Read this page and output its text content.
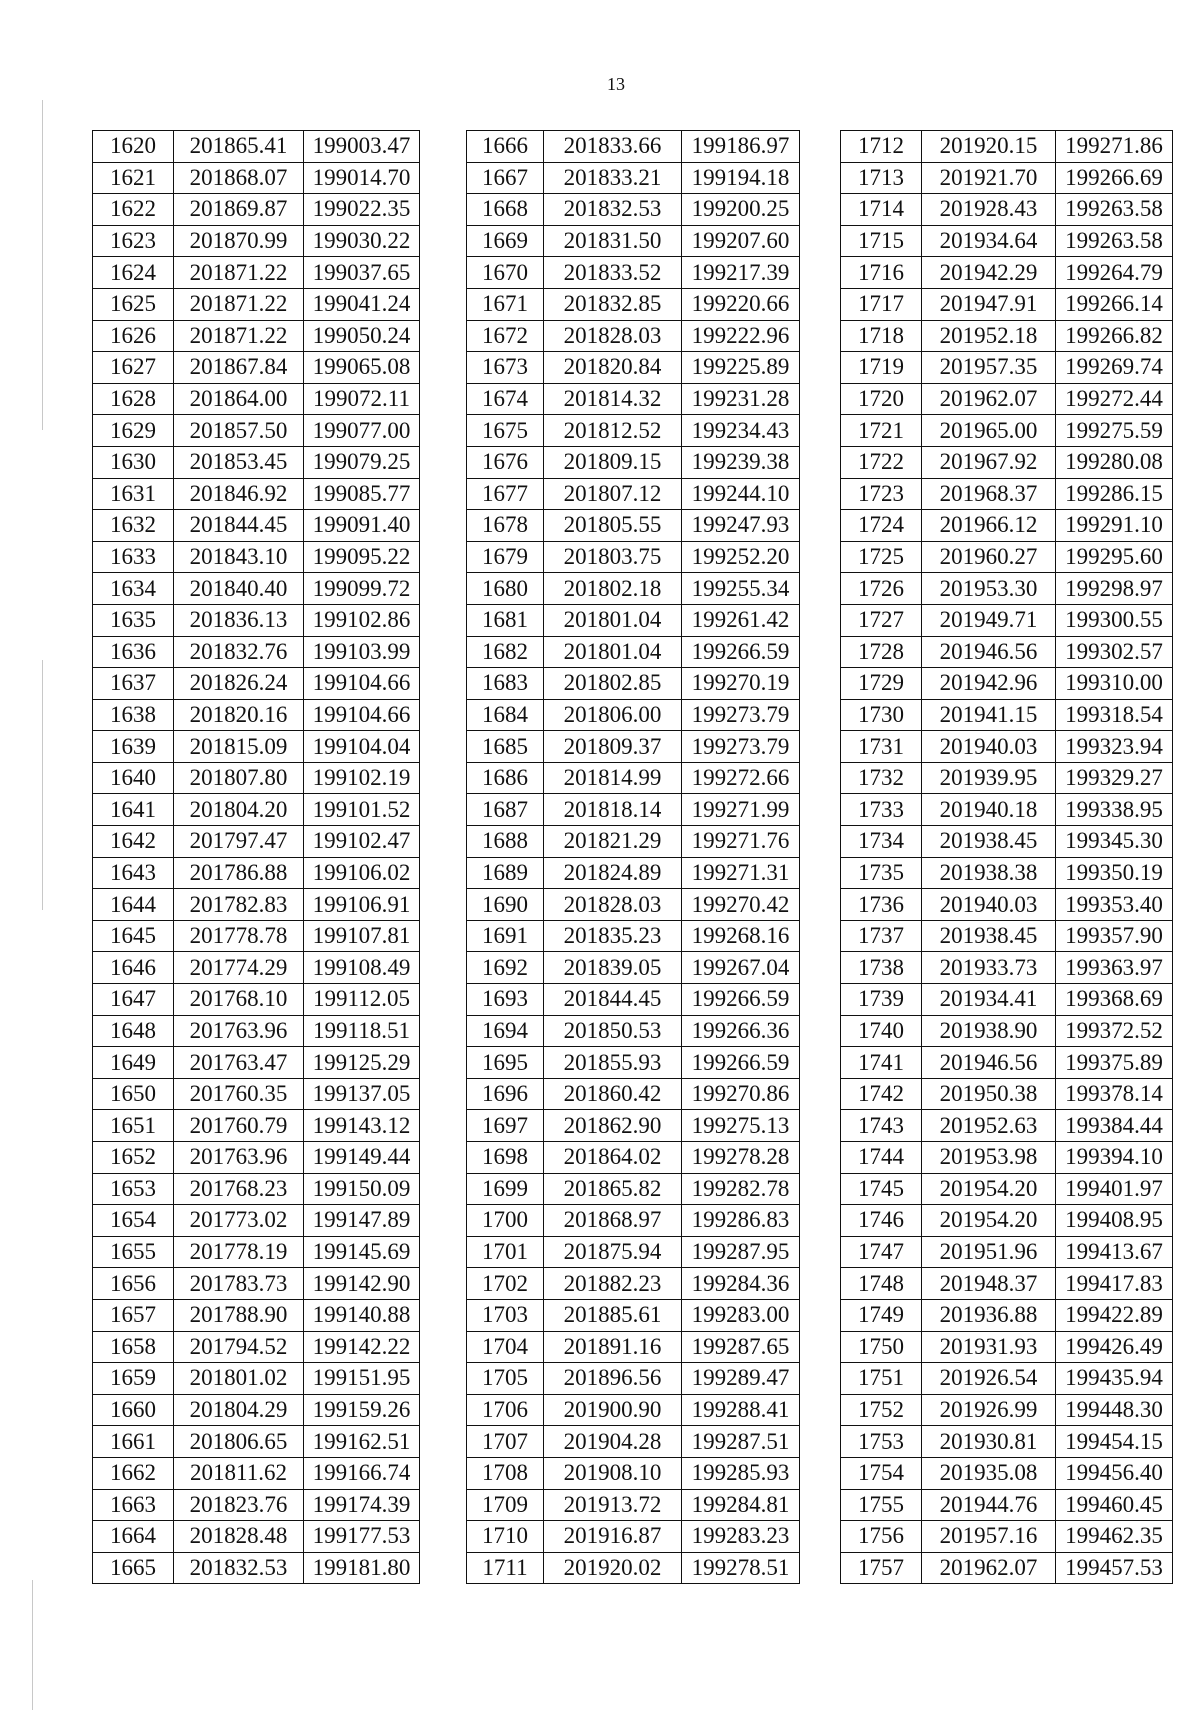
13
1620	201865.41	199003.47
1621	201868.07	199014.70
1622	201869.87	199022.35
1623	201870.99	199030.22
1624	201871.22	199037.65
1625	201871.22	199041.24
1626	201871.22	199050.24
1627	201867.84	199065.08
1628	201864.00	199072.11
1629	201857.50	199077.00
1630	201853.45	199079.25
1631	201846.92	199085.77
1632	201844.45	199091.40
1633	201843.10	199095.22
1634	201840.40	199099.72
1635	201836.13	199102.86
1636	201832.76	199103.99
1637	201826.24	199104.66
1638	201820.16	199104.66
1639	201815.09	199104.04
1640	201807.80	199102.19
1641	201804.20	199101.52
1642	201797.47	199102.47
1643	201786.88	199106.02
1644	201782.83	199106.91
1645	201778.78	199107.81
1646	201774.29	199108.49
1647	201768.10	199112.05
1648	201763.96	199118.51
1649	201763.47	199125.29
1650	201760.35	199137.05
1651	201760.79	199143.12
1652	201763.96	199149.44
1653	201768.23	199150.09
1654	201773.02	199147.89
1655	201778.19	199145.69
1656	201783.73	199142.90
1657	201788.90	199140.88
1658	201794.52	199142.22
1659	201801.02	199151.95
1660	201804.29	199159.26
1661	201806.65	199162.51
1662	201811.62	199166.74
1663	201823.76	199174.39
1664	201828.48	199177.53
1665	201832.53	199181.80
1666	201833.66	199186.97
1667	201833.21	199194.18
1668	201832.53	199200.25
1669	201831.50	199207.60
1670	201833.52	199217.39
1671	201832.85	199220.66
1672	201828.03	199222.96
1673	201820.84	199225.89
1674	201814.32	199231.28
1675	201812.52	199234.43
1676	201809.15	199239.38
1677	201807.12	199244.10
1678	201805.55	199247.93
1679	201803.75	199252.20
1680	201802.18	199255.34
1681	201801.04	199261.42
1682	201801.04	199266.59
1683	201802.85	199270.19
1684	201806.00	199273.79
1685	201809.37	199273.79
1686	201814.99	199272.66
1687	201818.14	199271.99
1688	201821.29	199271.76
1689	201824.89	199271.31
1690	201828.03	199270.42
1691	201835.23	199268.16
1692	201839.05	199267.04
1693	201844.45	199266.59
1694	201850.53	199266.36
1695	201855.93	199266.59
1696	201860.42	199270.86
1697	201862.90	199275.13
1698	201864.02	199278.28
1699	201865.82	199282.78
1700	201868.97	199286.83
1701	201875.94	199287.95
1702	201882.23	199284.36
1703	201885.61	199283.00
1704	201891.16	199287.65
1705	201896.56	199289.47
1706	201900.90	199288.41
1707	201904.28	199287.51
1708	201908.10	199285.93
1709	201913.72	199284.81
1710	201916.87	199283.23
1711	201920.02	199278.51
1712	201920.15	199271.86
1713	201921.70	199266.69
1714	201928.43	199263.58
1715	201934.64	199263.58
1716	201942.29	199264.79
1717	201947.91	199266.14
1718	201952.18	199266.82
1719	201957.35	199269.74
1720	201962.07	199272.44
1721	201965.00	199275.59
1722	201967.92	199280.08
1723	201968.37	199286.15
1724	201966.12	199291.10
1725	201960.27	199295.60
1726	201953.30	199298.97
1727	201949.71	199300.55
1728	201946.56	199302.57
1729	201942.96	199310.00
1730	201941.15	199318.54
1731	201940.03	199323.94
1732	201939.95	199329.27
1733	201940.18	199338.95
1734	201938.45	199345.30
1735	201938.38	199350.19
1736	201940.03	199353.40
1737	201938.45	199357.90
1738	201933.73	199363.97
1739	201934.41	199368.69
1740	201938.90	199372.52
1741	201946.56	199375.89
1742	201950.38	199378.14
1743	201952.63	199384.44
1744	201953.98	199394.10
1745	201954.20	199401.97
1746	201954.20	199408.95
1747	201951.96	199413.67
1748	201948.37	199417.83
1749	201936.88	199422.89
1750	201931.93	199426.49
1751	201926.54	199435.94
1752	201926.99	199448.30
1753	201930.81	199454.15
1754	201935.08	199456.40
1755	201944.76	199460.45
1756	201957.16	199462.35
1757	201962.07	199457.53
